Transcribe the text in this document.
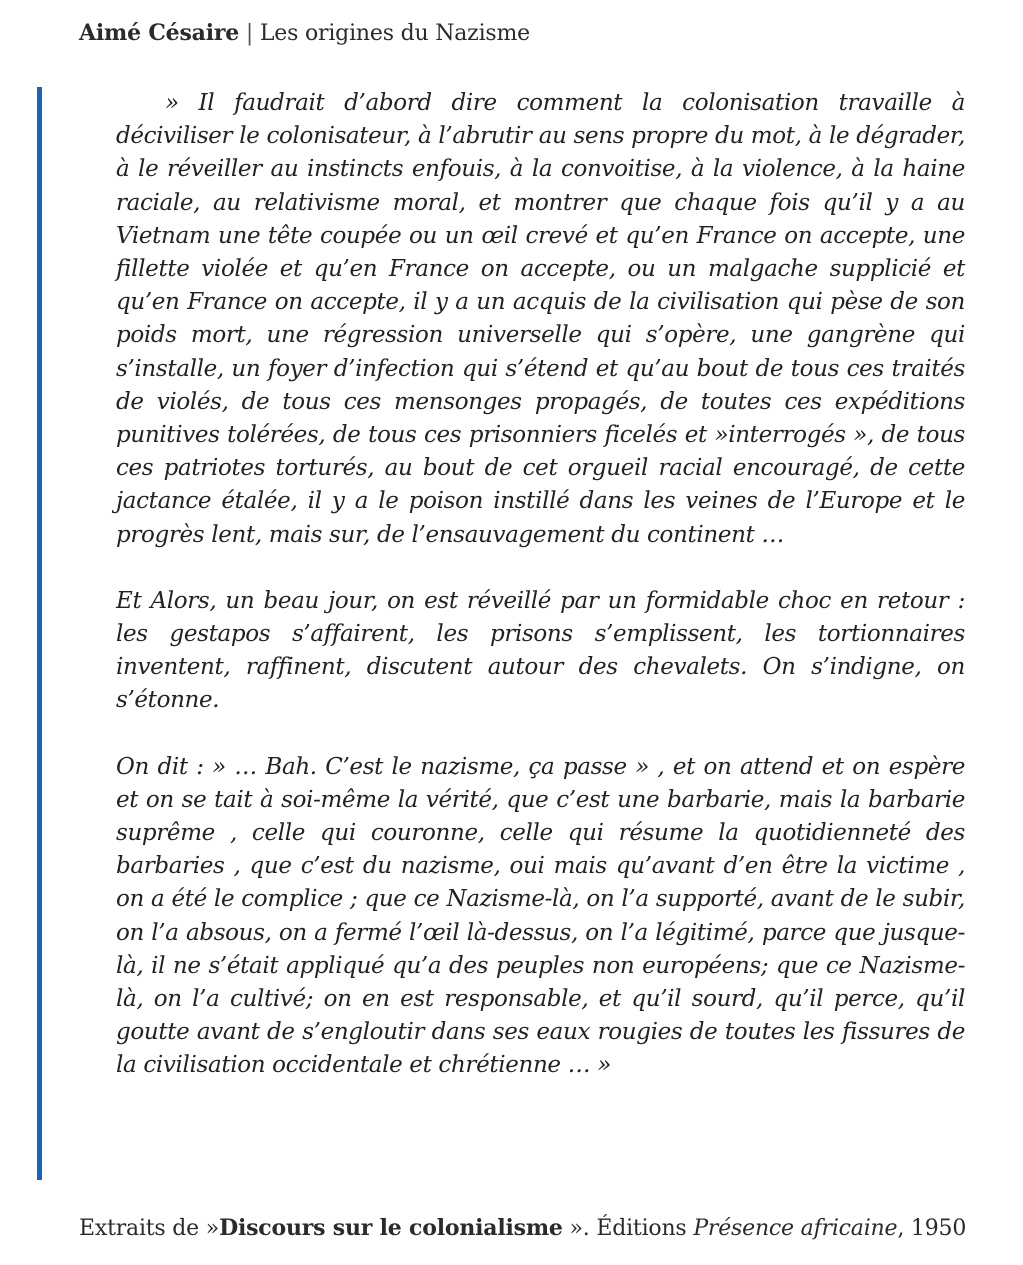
Aimé Césaire | Les origines du Nazisme

» Il faudrait d’abord dire comment la colonisation travaille à déciviliser le colonisateur, à l’abrutir au sens propre du mot, à le dégrader, à le réveiller au instincts enfouis, à la convoitise, à la violence, à la haine raciale, au relativisme moral, et montrer que chaque fois qu’il y a au Vietnam une tête coupée ou un œil crevé et qu’en France on accepte, une fillette violée et qu’en France on accepte, ou un malgache supplicié et qu’en France on accepte, il y a un acquis de la civilisation qui pèse de son poids mort, une régression universelle qui s’opère, une gangrène qui s’installe, un foyer d’infection qui s’étend et qu’au bout de tous ces traités de violés, de tous ces mensonges propagés, de toutes ces expéditions punitives tolérées, de tous ces prisonniers ficelés et »interrogés », de tous ces patriotes torturés, au bout de cet orgueil racial encouragé, de cette jactance étalée, il y a le poison instillé dans les veines de l’Europe et le progrès lent, mais sur, de l’ensauvagement du continent …

Et Alors, un beau jour, on est réveillé par un formidable choc en retour : les gestapos s’affairent, les prisons s’emplissent, les tortionnaires inventent, raffinent, discutent autour des chevalets. On s’indigne, on s’étonne.

On dit : » … Bah. C’est le nazisme, ça passe » , et on attend et on espère et on se tait à soi-même la vérité, que c’est une barbarie, mais la barbarie suprême , celle qui couronne, celle qui résume la quotidienneté des barbaries , que c’est du nazisme, oui mais qu’avant d’en être la victime , on a été le complice ; que ce Nazisme-là, on l’a supporté, avant de le subir, on l’a absous, on a fermé l’œil là-dessus, on l’a légitimé, parce que jusque-là, il ne s’était appliqué qu’a des peuples non européens; que ce Nazisme-là, on l’a cultivé; on en est responsable, et qu’il sourd, qu’il perce, qu’il goutte avant de s’engloutir dans ses eaux rougies de toutes les fissures de la civilisation occidentale et chrétienne … »

Extraits de »Discours sur le colonialisme ». Éditions Présence africaine, 1950
